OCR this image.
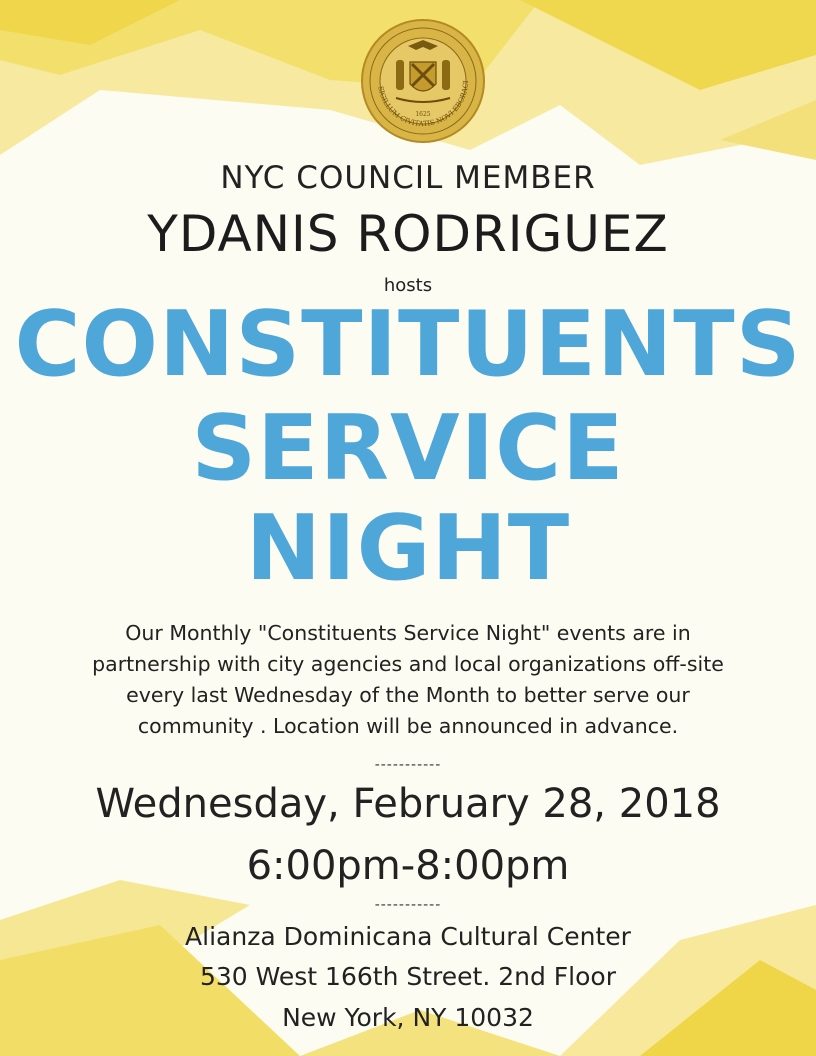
SIGILLUM CIVITATIS NOVI EBORACI
1625
NYC COUNCIL MEMBER
YDANIS RODRIGUEZ
hosts
CONSTITUENTS
SERVICE
NIGHT
Our Monthly "Constituents Service Night" events are in
partnership with city agencies and local organizations off-site
every last Wednesday of the Month to better serve our
community . Location will be announced in advance.
-----------
Wednesday, February 28, 2018
6:00pm-8:00pm
-----------
Alianza Dominicana Cultural Center
530 West 166th Street. 2nd Floor
New York, NY 10032
